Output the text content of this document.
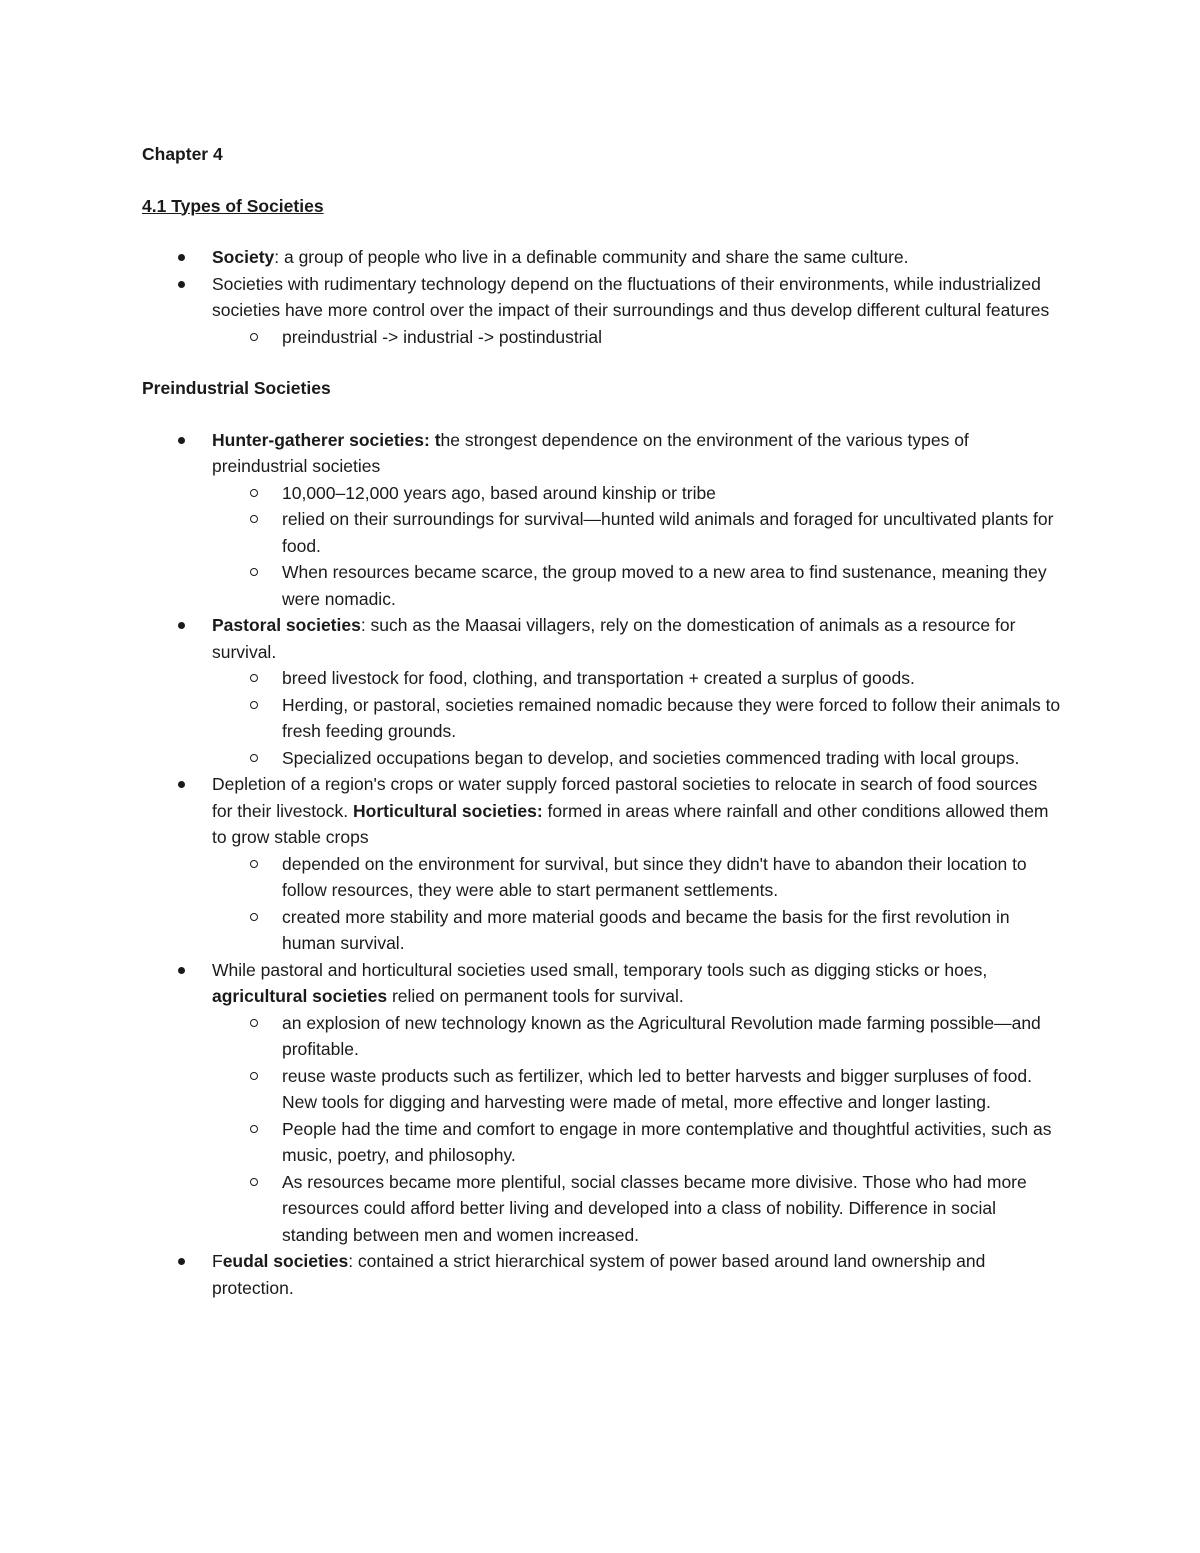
Chapter 4
4.1 Types of Societies
Society: a group of people who live in a definable community and share the same culture.
Societies with rudimentary technology depend on the fluctuations of their environments, while industrialized societies have more control over the impact of their surroundings and thus develop different cultural features
preindustrial -> industrial -> postindustrial
Preindustrial Societies
Hunter-gatherer societies: the strongest dependence on the environment of the various types of preindustrial societies
10,000–12,000 years ago, based around kinship or tribe
relied on their surroundings for survival—hunted wild animals and foraged for uncultivated plants for food.
When resources became scarce, the group moved to a new area to find sustenance, meaning they were nomadic.
Pastoral societies: such as the Maasai villagers, rely on the domestication of animals as a resource for survival.
breed livestock for food, clothing, and transportation + created a surplus of goods.
Herding, or pastoral, societies remained nomadic because they were forced to follow their animals to fresh feeding grounds.
Specialized occupations began to develop, and societies commenced trading with local groups.
Depletion of a region's crops or water supply forced pastoral societies to relocate in search of food sources for their livestock. Horticultural societies: formed in areas where rainfall and other conditions allowed them to grow stable crops
depended on the environment for survival, but since they didn't have to abandon their location to follow resources, they were able to start permanent settlements.
created more stability and more material goods and became the basis for the first revolution in human survival.
While pastoral and horticultural societies used small, temporary tools such as digging sticks or hoes, agricultural societies relied on permanent tools for survival.
an explosion of new technology known as the Agricultural Revolution made farming possible—and profitable.
reuse waste products such as fertilizer, which led to better harvests and bigger surpluses of food. New tools for digging and harvesting were made of metal, more effective and longer lasting.
People had the time and comfort to engage in more contemplative and thoughtful activities, such as music, poetry, and philosophy.
As resources became more plentiful, social classes became more divisive. Those who had more resources could afford better living and developed into a class of nobility. Difference in social standing between men and women increased.
Feudal societies: contained a strict hierarchical system of power based around land ownership and protection.
